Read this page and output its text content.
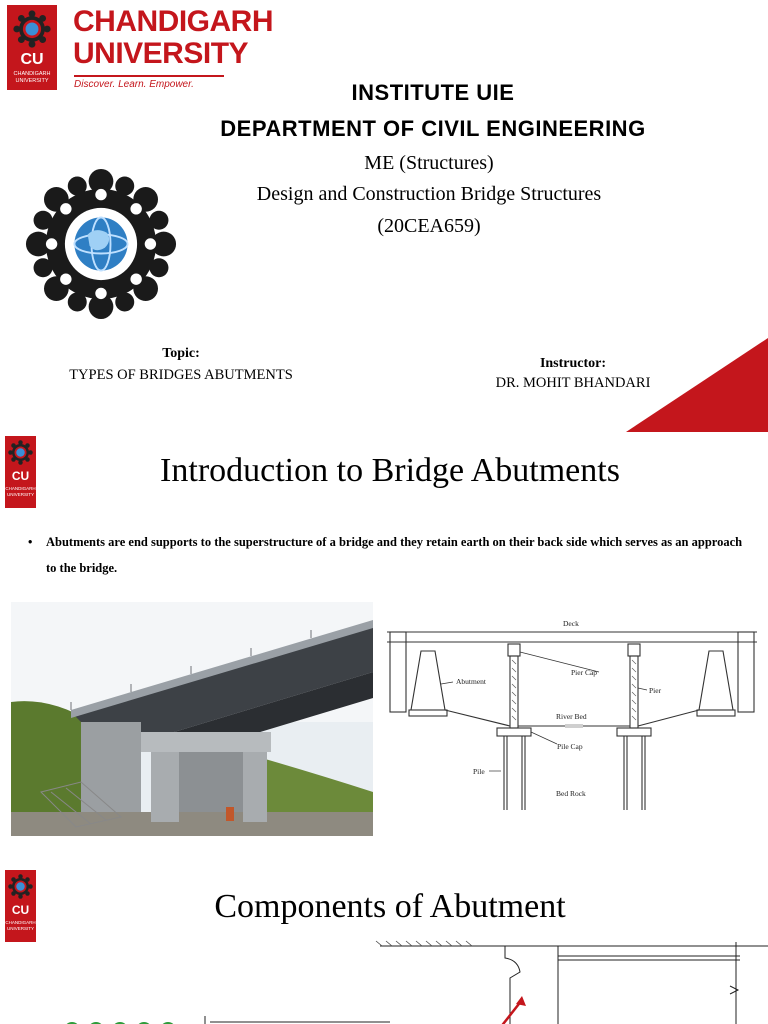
CU
CHANDIGARH UNIVERSITY
CHANDIGARH
UNIVERSITY
Discover. Learn. Empower.	INSTITUTE UIE
DEPARTMENT OF CIVIL ENGINEERING
ME (Structures)
Design and Construction Bridge Structures
(20CEA659)
Topic:
TYPES OF BRIDGES ABUTMENTS
Instructor:
DR. MOHIT BHANDARI
CU
CHANDIGARH UNIVERSITY
Introduction to Bridge Abutments
• Abutments are end supports to the superstructure of a bridge and they retain earth on their back side which serves as an approach to the bridge.
Deck
Abutment
Pier Cap
Pier
River Bed
Pile Cap
Pile
Bed Rock
CU
CHANDIGARH UNIVERSITY
Components of Abutment
